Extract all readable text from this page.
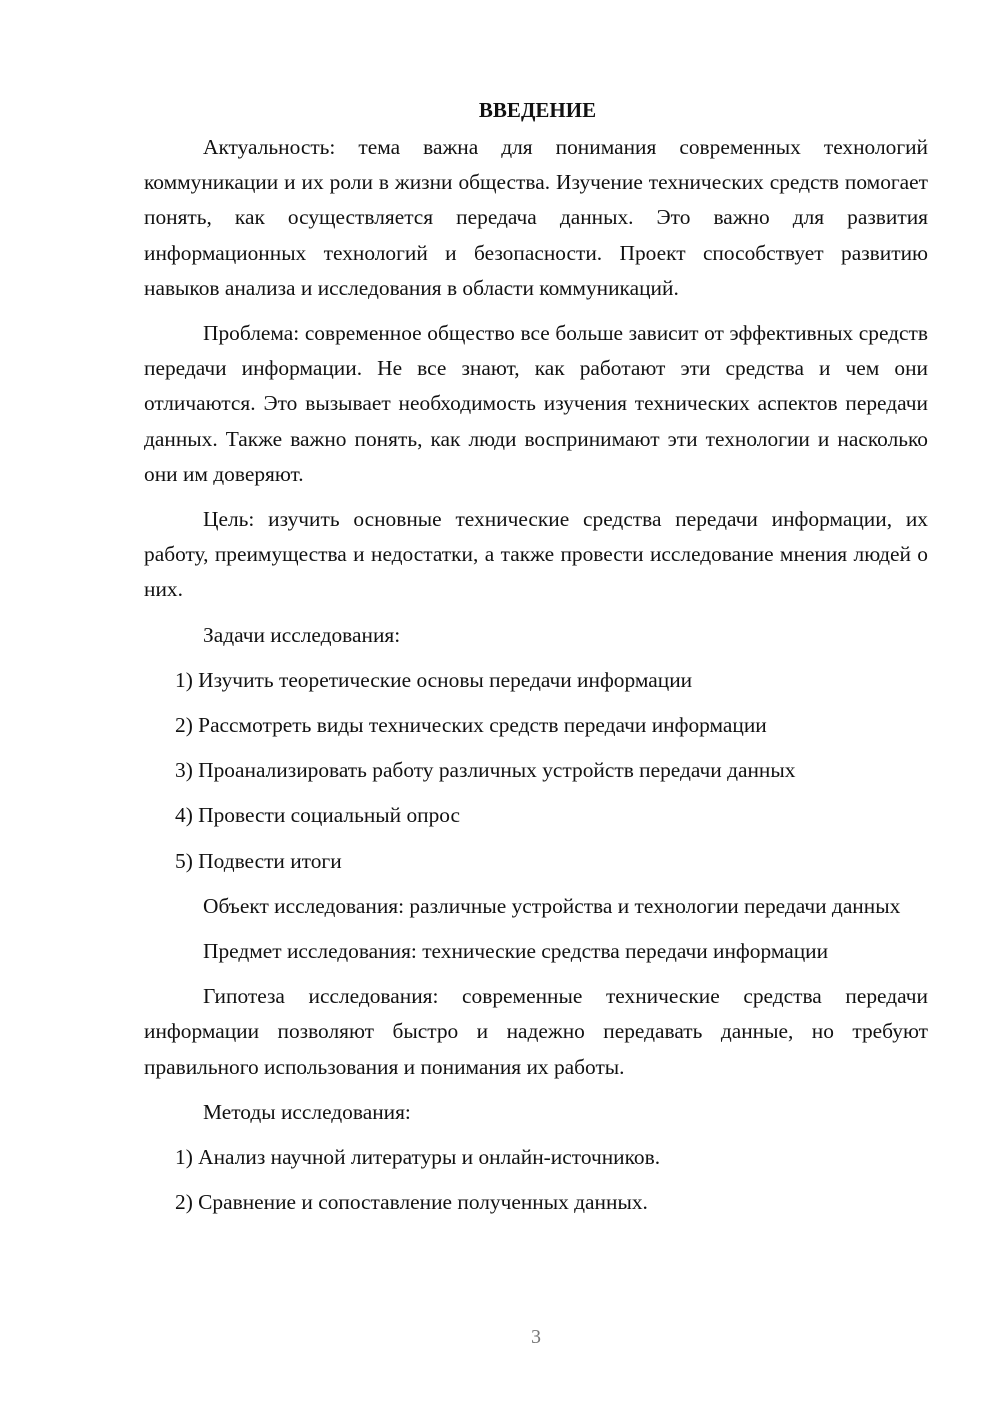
ВВЕДЕНИЕ

Актуальность: тема важна для понимания современных технологий коммуникации и их роли в жизни общества. Изучение технических средств помогает понять, как осуществляется передача данных. Это важно для развития информационных технологий и безопасности. Проект способствует развитию навыков анализа и исследования в области коммуникаций.

Проблема: современное общество все больше зависит от эффективных средств передачи информации. Не все знают, как работают эти средства и чем они отличаются. Это вызывает необходимость изучения технических аспектов передачи данных. Также важно понять, как люди воспринимают эти технологии и насколько они им доверяют.

Цель: изучить основные технические средства передачи информации, их работу, преимущества и недостатки, а также провести исследование мнения людей о них.

Задачи исследования:

1) Изучить теоретические основы передачи информации

2) Рассмотреть виды технических средств передачи информации

3) Проанализировать работу различных устройств передачи данных

4) Провести социальный опрос

5) Подвести итоги

Объект исследования: различные устройства и технологии передачи данных

Предмет исследования: технические средства передачи информации

Гипотеза исследования: современные технические средства передачи информации позволяют быстро и надежно передавать данные, но требуют правильного использования и понимания их работы.

Методы исследования:

1) Анализ научной литературы и онлайн-источников.

2) Сравнение и сопоставление полученных данных.

3
